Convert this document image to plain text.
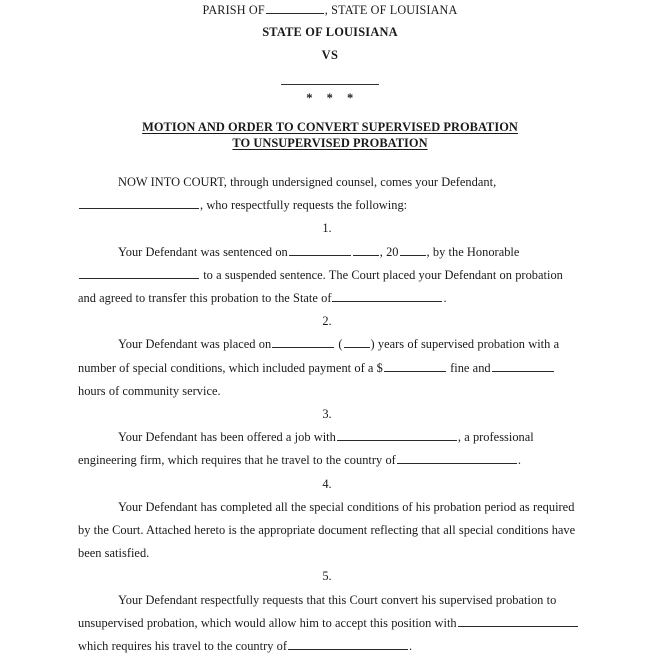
PARISH OF	, STATE OF LOUISIANA
STATE OF LOUISIANA
VS
* * *
MOTION AND ORDER TO CONVERT SUPERVISED PROBATION
TO UNSUPERVISED PROBATION
NOW INTO COURT, through undersigned counsel, comes your Defendant,
, who respectfully requests the following:
1.
Your Defendant was sentenced on	, 20 , by the Honorable
to a suspended sentence. The Court placed your Defendant on probation and agreed to transfer this probation to the State of	.
2.
Your Defendant was placed on	( ) years of supervised probation with a number of special conditions, which included payment of a $	fine and hours of community service.
3.
Your Defendant has been offered a job with	, a professional engineering firm, which requires that he travel to the country of	.
4.
Your Defendant has completed all the special conditions of his probation period as required by the Court. Attached hereto is the appropriate document reflecting that all special conditions have been satisfied.
5.
Your Defendant respectfully requests that this Court convert his supervised probation to unsupervised probation, which would allow him to accept this position with which requires his travel to the country of	.
